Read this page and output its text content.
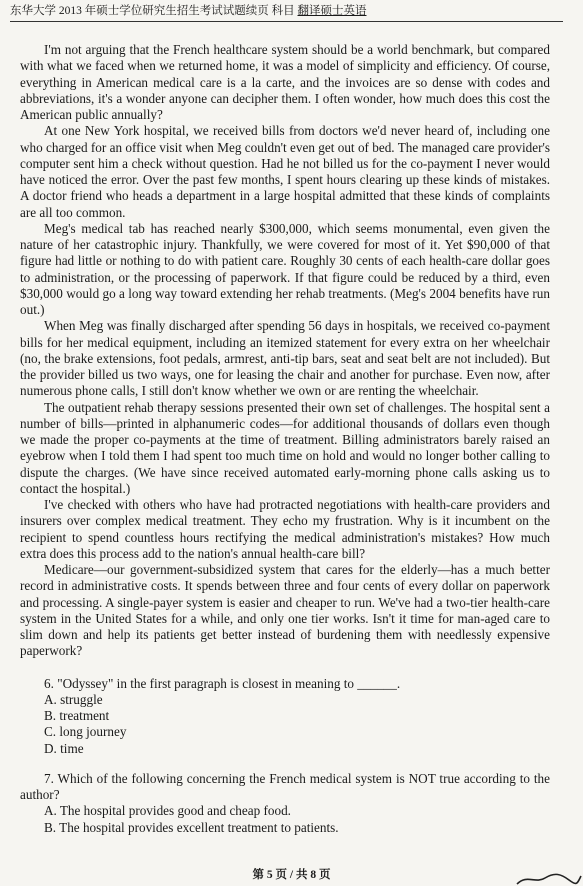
东华大学 2013 年硕士学位研究生招生考试试题续页 科目 翻译硕士英语

I'm not arguing that the French healthcare system should be a world benchmark, but compared with what we faced when we returned home, it was a model of simplicity and efficiency. Of course, everything in American medical care is a la carte, and the invoices are so dense with codes and abbreviations, it's a wonder anyone can decipher them. I often wonder, how much does this cost the American public annually?

At one New York hospital, we received bills from doctors we'd never heard of, including one who charged for an office visit when Meg couldn't even get out of bed. The managed care provider's computer sent him a check without question. Had he not billed us for the co-payment I never would have noticed the error. Over the past few months, I spent hours clearing up these kinds of mistakes. A doctor friend who heads a department in a large hospital admitted that these kinds of complaints are all too common.

Meg's medical tab has reached nearly $300,000, which seems monumental, even given the nature of her catastrophic injury. Thankfully, we were covered for most of it. Yet $90,000 of that figure had little or nothing to do with patient care. Roughly 30 cents of each health-care dollar goes to administration, or the processing of paperwork. If that figure could be reduced by a third, even $30,000 would go a long way toward extending her rehab treatments. (Meg's 2004 benefits have run out.)

When Meg was finally discharged after spending 56 days in hospitals, we received co-payment bills for her medical equipment, including an itemized statement for every extra on her wheelchair (no, the brake extensions, foot pedals, armrest, anti-tip bars, seat and seat belt are not included). But the provider billed us two ways, one for leasing the chair and another for purchase. Even now, after numerous phone calls, I still don't know whether we own or are renting the wheelchair.

The outpatient rehab therapy sessions presented their own set of challenges. The hospital sent a number of bills—printed in alphanumeric codes—for additional thousands of dollars even though we made the proper co-payments at the time of treatment. Billing administrators barely raised an eyebrow when I told them I had spent too much time on hold and would no longer bother calling to dispute the charges. (We have since received automated early-morning phone calls asking us to contact the hospital.)

I've checked with others who have had protracted negotiations with health-care providers and insurers over complex medical treatment. They echo my frustration. Why is it incumbent on the recipient to spend countless hours rectifying the medical administration's mistakes? How much extra does this process add to the nation's annual health-care bill?

Medicare—our government-subsidized system that cares for the elderly—has a much better record in administrative costs. It spends between three and four cents of every dollar on paperwork and processing. A single-payer system is easier and cheaper to run. We've had a two-tier health-care system in the United States for a while, and only one tier works. Isn't it time for man-aged care to slim down and help its patients get better instead of burdening them with needlessly expensive paperwork?

6. "Odyssey" in the first paragraph is closest in meaning to ______.

A. struggle

B. treatment

C. long journey

D. time

7. Which of the following concerning the French medical system is NOT true according to the author?

A. The hospital provides good and cheap food.

B. The hospital provides excellent treatment to patients.

第 5 页 / 共 8 页
